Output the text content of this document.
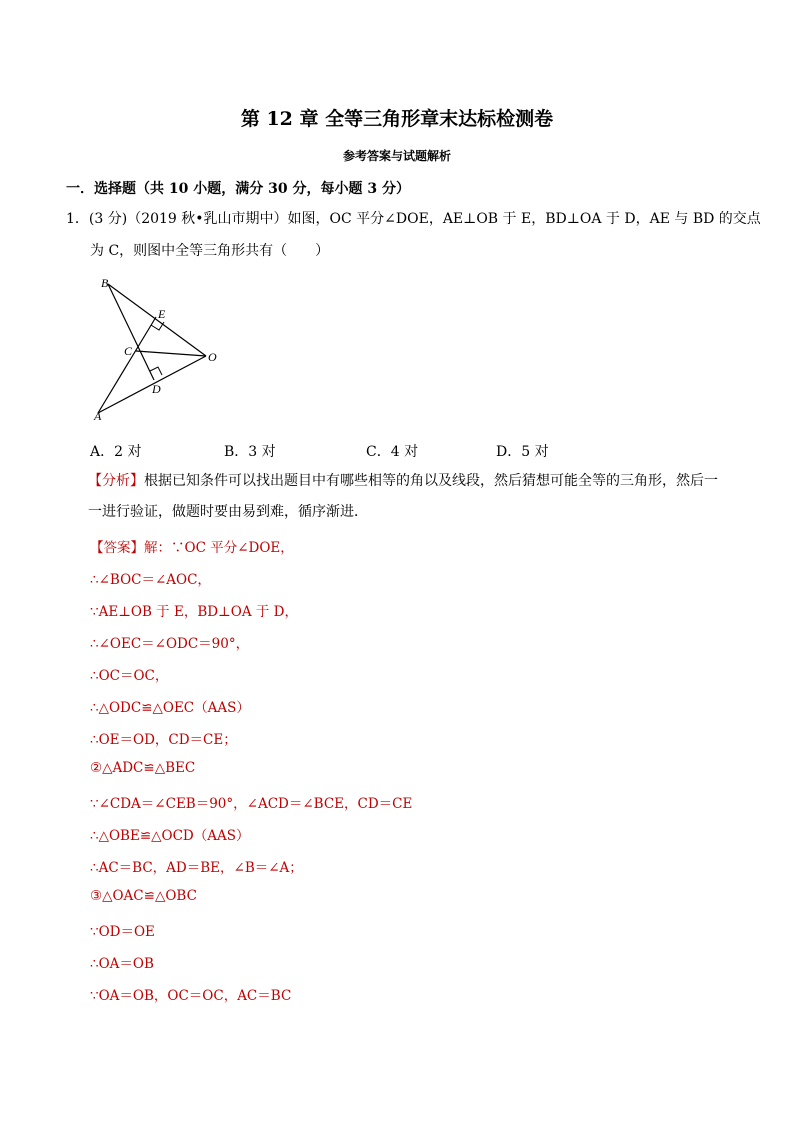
第 12 章 全等三角形章末达标检测卷
参考答案与试题解析
一．选择题（共 10 小题，满分 30 分，每小题 3 分）
1．(3 分)（2019 秋•乳山市期中）如图，OC 平分∠DOE，AE⊥OB 于 E，BD⊥OA 于 D，AE 与 BD 的交点
为 C，则图中全等三角形共有（　　）
B
E
C	O
D
A
A．2 对	B．3 对	C．4 对	D．5 对
【分析】根据已知条件可以找出题目中有哪些相等的角以及线段，然后猜想可能全等的三角形，然后一
一进行验证，做题时要由易到难，循序渐进．
【答案】解：∵OC 平分∠DOE，
∴∠BOC＝∠AOC，
∵AE⊥OB 于 E，BD⊥OA 于 D，
∴∠OEC＝∠ODC＝90°，
∴OC＝OC，
∴△ODC≌△OEC（AAS）
∴OE＝OD，CD＝CE；
②△ADC≌△BEC
∵∠CDA＝∠CEB＝90°，∠ACD＝∠BCE，CD＝CE
∴△OBE≌△OCD（AAS）
∴AC＝BC，AD＝BE，∠B＝∠A；
③△OAC≌△OBC
∵OD＝OE
∴OA＝OB
∵OA＝OB，OC＝OC，AC＝BC
